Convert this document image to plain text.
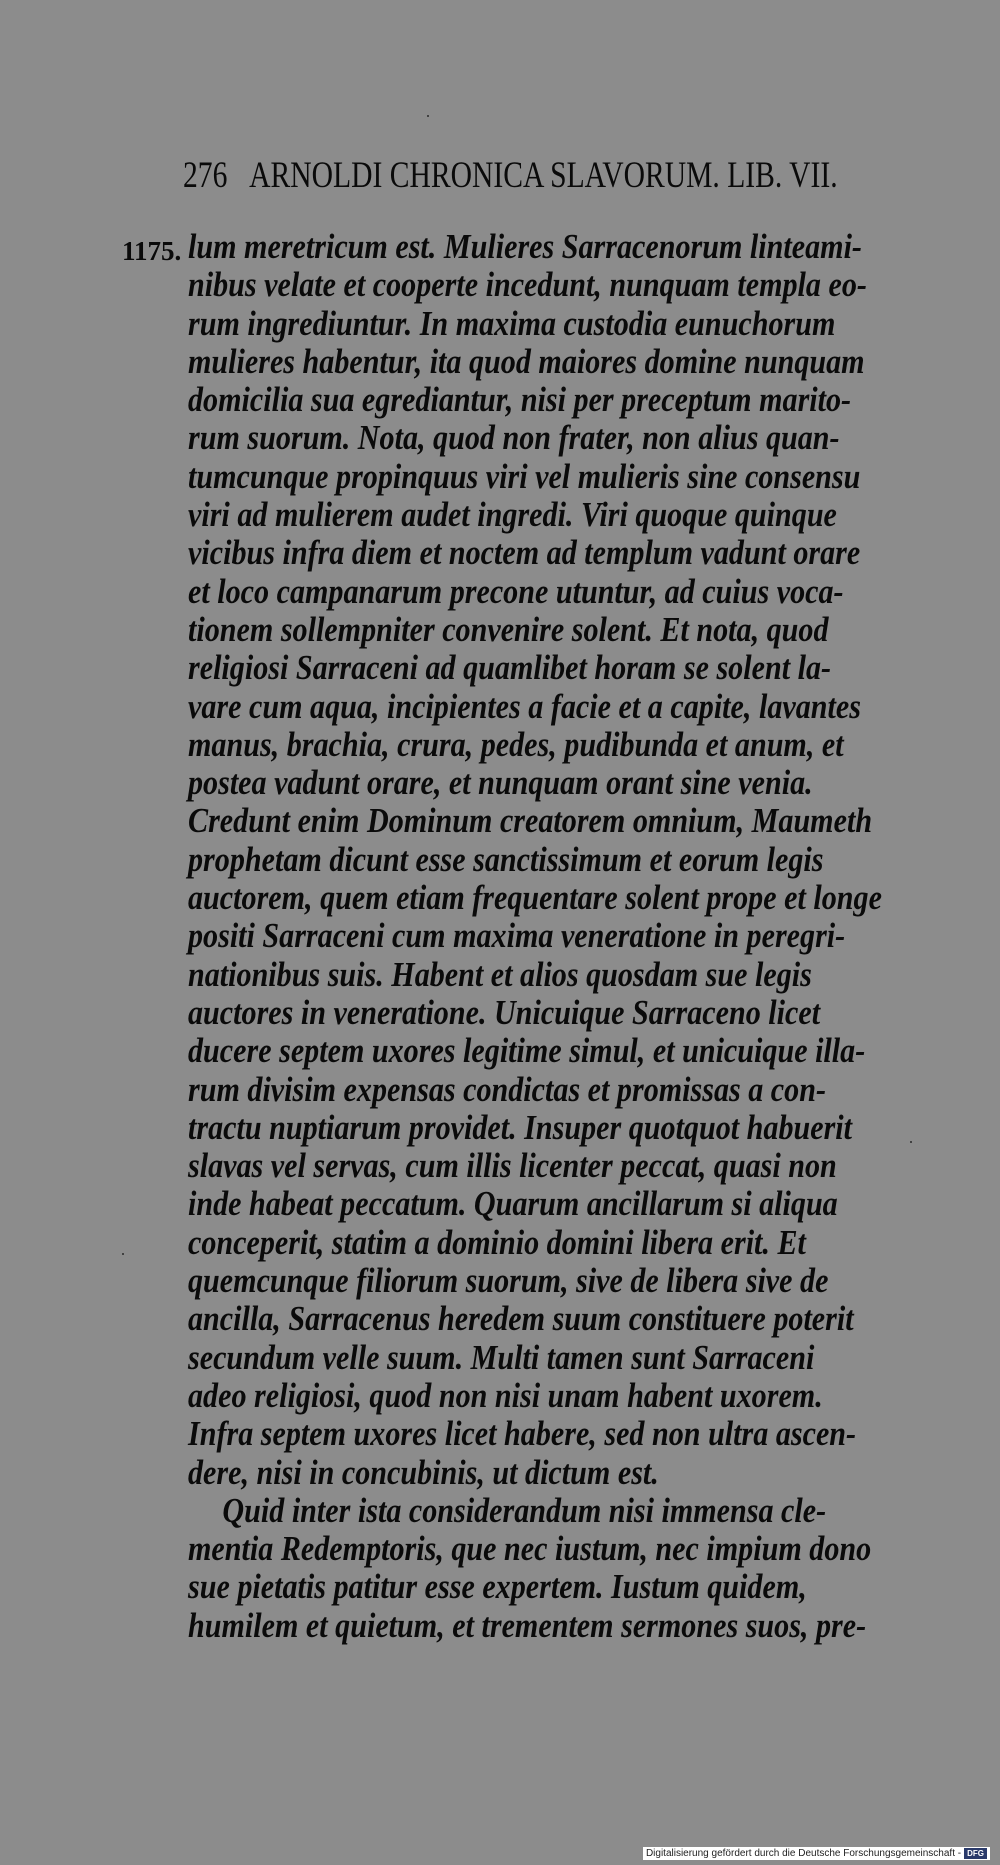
276 ARNOLDI CHRONICA SLAVORUM. LIB. VII.
1175. lum meretricum est. Mulieres Sarracenorum linteami-
nibus velate et cooperte incedunt, nunquam templa eo-
rum ingrediuntur. In maxima custodia eunuchorum
mulieres habentur, ita quod maiores domine nunquam
domicilia sua egrediantur, nisi per preceptum marito-
rum suorum. Nota, quod non frater, non alius quan-
tumcunque propinquus viri vel mulieris sine consensu
viri ad mulierem audet ingredi. Viri quoque quinque
vicibus infra diem et noctem ad templum vadunt orare
et loco campanarum precone utuntur, ad cuius voca-
tionem sollempniter convenire solent. Et nota, quod
religiosi Sarraceni ad quamlibet horam se solent la-
vare cum aqua, incipientes a facie et a capite, lavantes
manus, brachia, crura, pedes, pudibunda et anum, et
postea vadunt orare, et nunquam orant sine venia.
Credunt enim Dominum creatorem omnium, Maumeth
prophetam dicunt esse sanctissimum et eorum legis
auctorem, quem etiam frequentare solent prope et longe
positi Sarraceni cum maxima veneratione in peregri-
nationibus suis. Habent et alios quosdam sue legis
auctores in veneratione. Unicuique Sarraceno licet
ducere septem uxores legitime simul, et unicuique illa-
rum divisim expensas condictas et promissas a con-
tractu nuptiarum providet. Insuper quotquot habuerit
slavas vel servas, cum illis licenter peccat, quasi non
inde habeat peccatum. Quarum ancillarum si aliqua
conceperit, statim a dominio domini libera erit. Et
quemcunque filiorum suorum, sive de libera sive de
ancilla, Sarracenus heredem suum constituere poterit
secundum velle suum. Multi tamen sunt Sarraceni
adeo religiosi, quod non nisi unam habent uxorem.
Infra septem uxores licet habere, sed non ultra ascen-
dere, nisi in concubinis, ut dictum est.
Quid inter ista considerandum nisi immensa cle-
mentia Redemptoris, que nec iustum, nec impium dono
sue pietatis patitur esse expertem. Iustum quidem,
humilem et quietum, et trementem sermones suos, pre-
Digitalisierung gefördert durch die Deutsche Forschungsgemeinschaft - DFG
